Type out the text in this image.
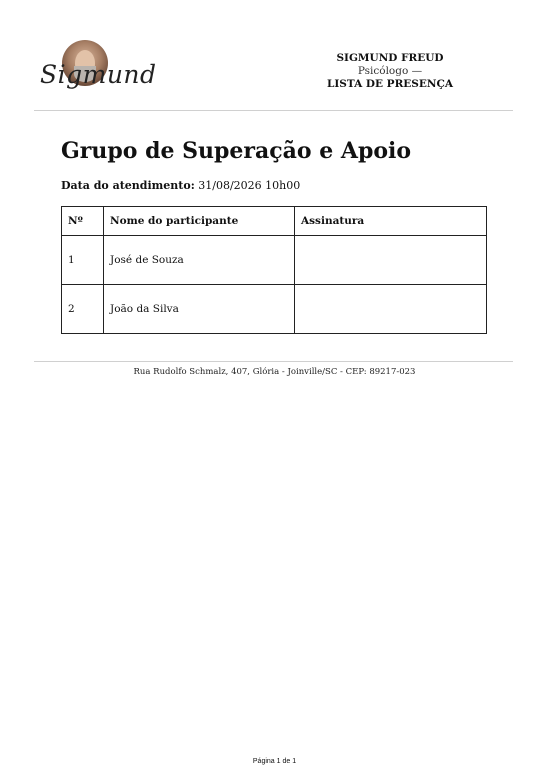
Sigmund
SIGMUND FREUD
Psicólogo —
LISTA DE PRESENÇA
Grupo de Superação e Apoio
Data do atendimento: 31/08/2026 10h00
Nº	Nome do participante	Assinatura
1	José de Souza	
2	João da Silva	
Rua Rudolfo Schmalz, 407, Glória - Joinville/SC - CEP: 89217-023
Página 1 de 1
